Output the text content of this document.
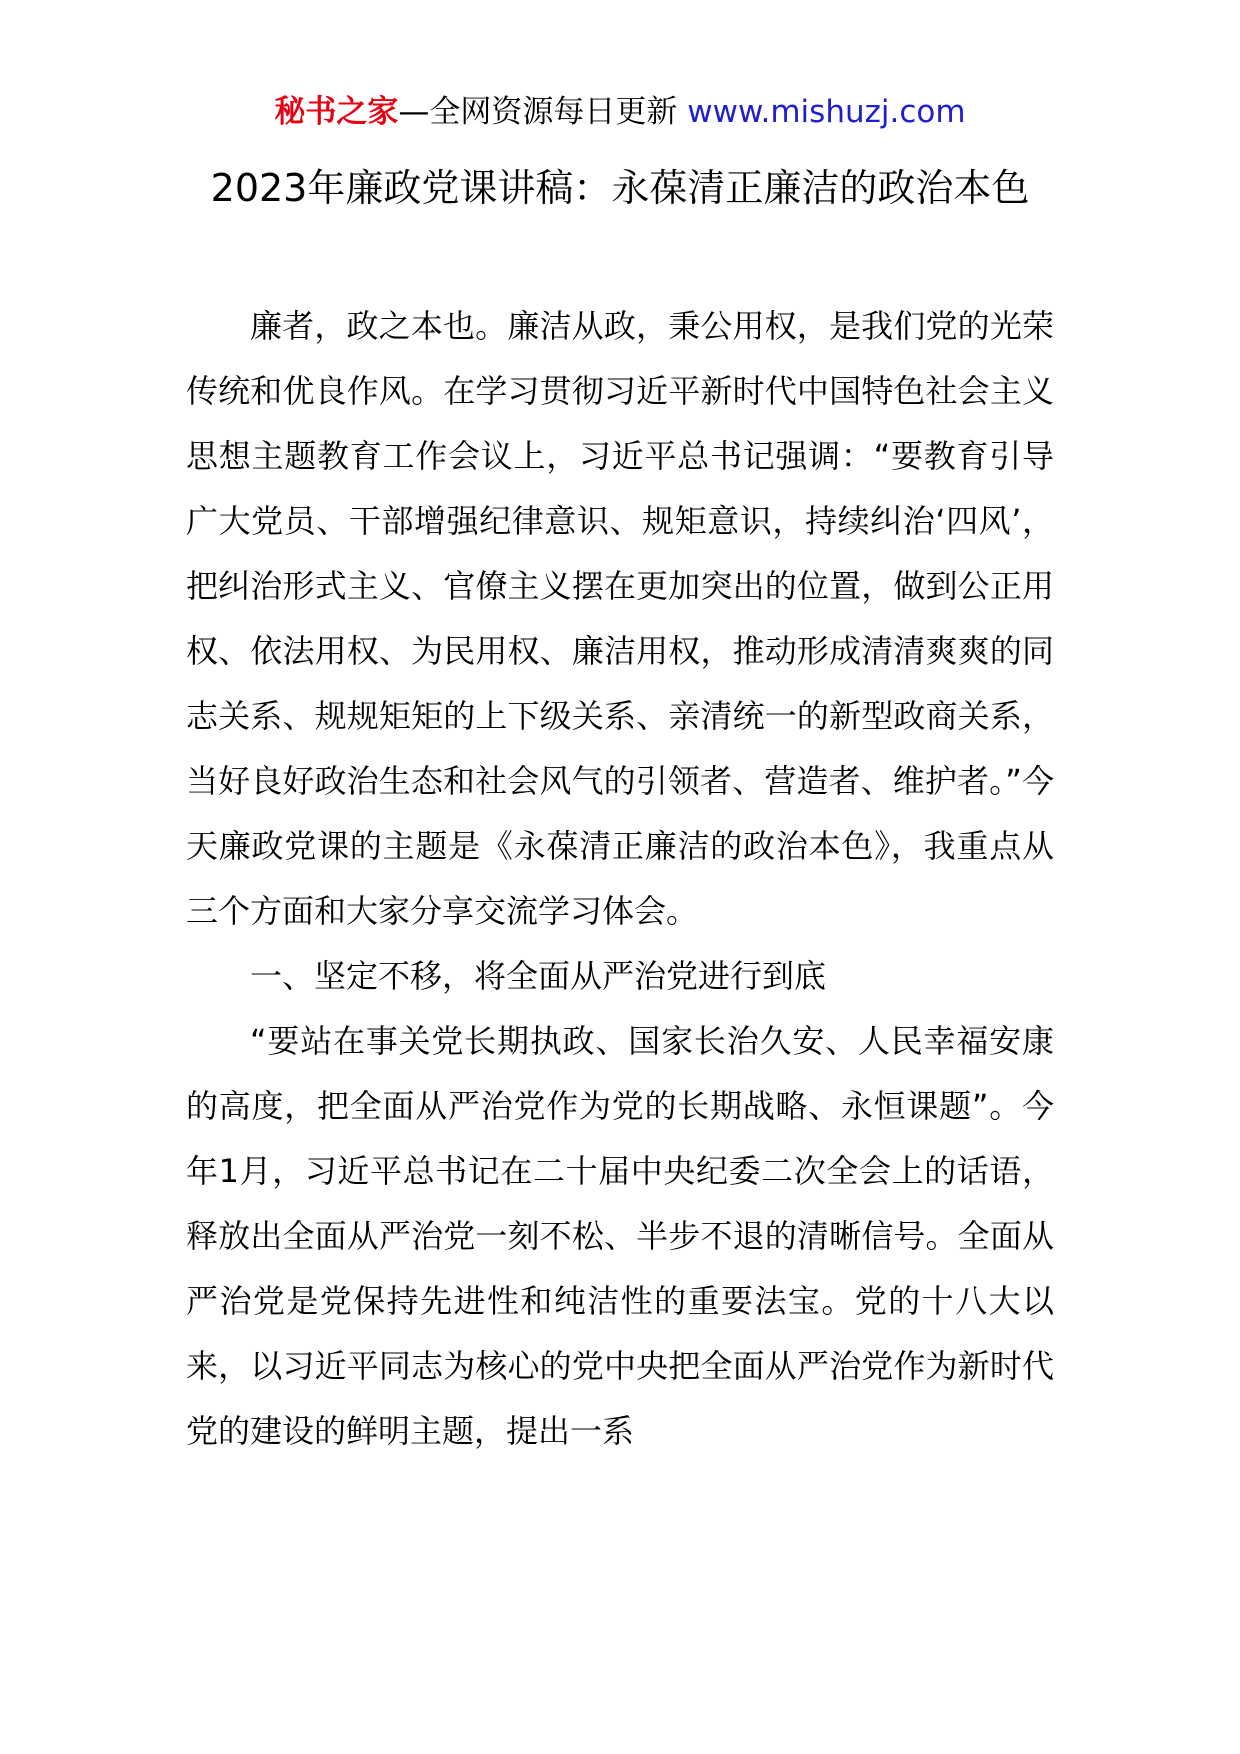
秘书之家—全网资源每日更新 www.mishuzj.com
2023年廉政党课讲稿：永葆清正廉洁的政治本色

廉者，政之本也。廉洁从政，秉公用权，是我们党的光荣传统和优良作风。在学习贯彻习近平新时代中国特色社会主义思想主题教育工作会议上，习近平总书记强调：“要教育引导广大党员、干部增强纪律意识、规矩意识，持续纠治‘四风’，把纠治形式主义、官僚主义摆在更加突出的位置，做到公正用权、依法用权、为民用权、廉洁用权，推动形成清清爽爽的同志关系、规规矩矩的上下级关系、亲清统一的新型政商关系，当好良好政治生态和社会风气的引领者、营造者、维护者。”今天廉政党课的主题是《永葆清正廉洁的政治本色》，我重点从三个方面和大家分享交流学习体会。

一、坚定不移，将全面从严治党进行到底

“要站在事关党长期执政、国家长治久安、人民幸福安康的高度，把全面从严治党作为党的长期战略、永恒课题”。今年1月，习近平总书记在二十届中央纪委二次全会上的话语，释放出全面从严治党一刻不松、半步不退的清晰信号。全面从严治党是党保持先进性和纯洁性的重要法宝。党的十八大以来，以习近平同志为核心的党中央把全面从严治党作为新时代党的建设的鲜明主题，提出一系
